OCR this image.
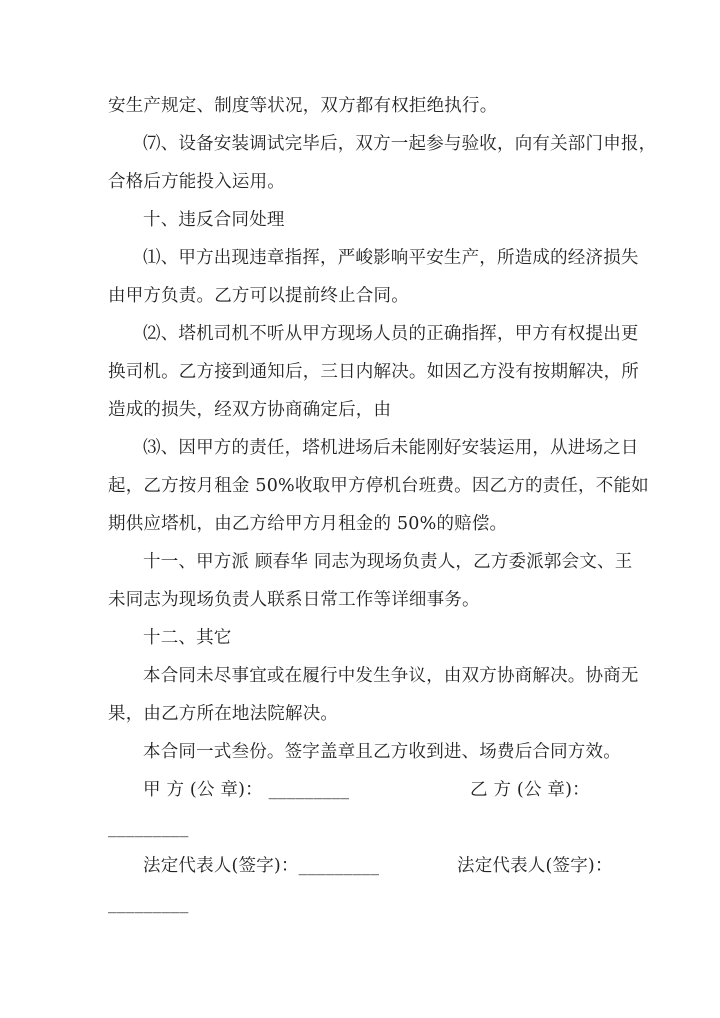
安生产规定、制度等状况，双方都有权拒绝执行。
⑺、设备安装调试完毕后，双方一起参与验收，向有关部门申报，
合格后方能投入运用。
十、违反合同处理
⑴、甲方出现违章指挥，严峻影响平安生产，所造成的经济损失
由甲方负责。乙方可以提前终止合同。
⑵、塔机司机不听从甲方现场人员的正确指挥，甲方有权提出更
换司机。乙方接到通知后，三日内解决。如因乙方没有按期解决，所
造成的损失，经双方协商确定后，由
⑶、因甲方的责任，塔机进场后未能刚好安装运用，从进场之日
起，乙方按月租金 50%收取甲方停机台班费。因乙方的责任，不能如
期供应塔机，由乙方给甲方月租金的 50%的赔偿。
十一、甲方派 顾春华 同志为现场负责人，乙方委派郭会文、王
未同志为现场负责人联系日常工作等详细事务。
十二、其它
本合同未尽事宜或在履行中发生争议，由双方协商解决。协商无
果，由乙方所在地法院解决。
本合同一式叁份。签字盖章且乙方收到进、场费后合同方效。
甲 方 (公 章)： _________	乙 方 (公 章)：
_________
法定代表人(签字)：_________	法定代表人(签字)：
_________
